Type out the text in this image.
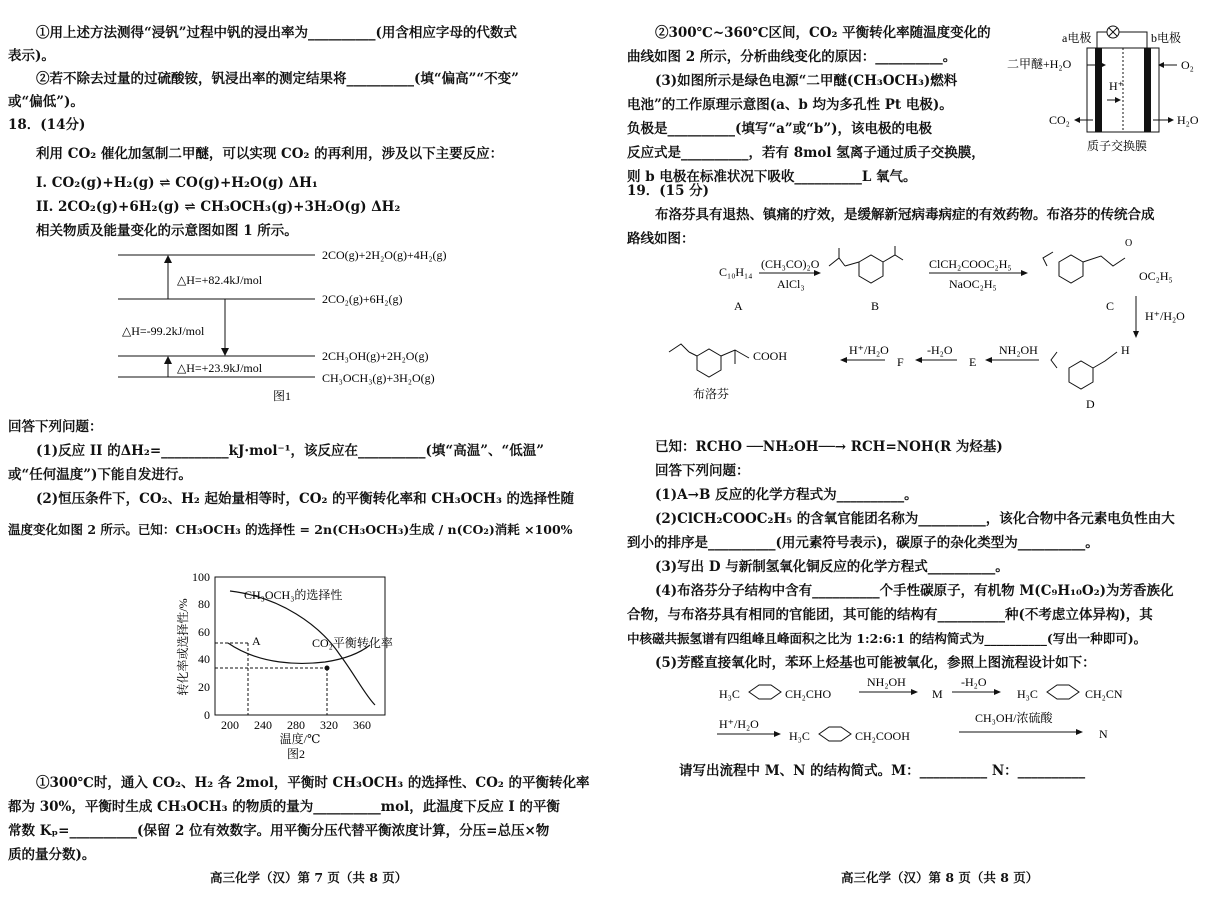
①用上述方法测得“浸钒”过程中钒的浸出率为__________(用含相应字母的代数式
表示)。
②若不除去过量的过硫酸铵，钒浸出率的测定结果将__________(填“偏高”“不变”
或“偏低”)。
18．(14分)
利用 CO₂ 催化加氢制二甲醚，可以实现 CO₂ 的再利用，涉及以下主要反应：
I. CO₂(g)+H₂(g) ⇌ CO(g)+H₂O(g) ΔH₁
II. 2CO₂(g)+6H₂(g) ⇌ CH₃OCH₃(g)+3H₂O(g) ΔH₂
相关物质及能量变化的示意图如图 1 所示。
2CO(g)+2H₂O(g)+4H₂(g)
2CO₂(g)+6H₂(g)
2CH₃OH(g)+2H₂O(g)
CH₃OCH₃(g)+3H₂O(g)
△H=+82.4kJ/mol
△H=-99.2kJ/mol
△H=+23.9kJ/mol
图1
回答下列问题：
(1)反应 II 的ΔH₂=__________kJ·mol⁻¹，该反应在__________(填“高温”、“低温”
或“任何温度”)下能自发进行。
(2)恒压条件下，CO₂、H₂ 起始量相等时，CO₂ 的平衡转化率和 CH₃OCH₃ 的选择性随
温度变化如图 2 所示。已知：CH₃OCH₃ 的选择性 = 2n(CH₃OCH₃)生成 / n(CO₂)消耗 ×100%
100
80
60
40
20
0
200 240 280 320 360
转化率或选择性/%
温度/℃
图2
A
CH₃OCH₃的选择性
CO₂平衡转化率
①300℃时，通入 CO₂、H₂ 各 2mol，平衡时 CH₃OCH₃ 的选择性、CO₂ 的平衡转化率
都为 30%，平衡时生成 CH₃OCH₃ 的物质的量为__________mol，此温度下反应 I 的平衡
常数 Kₚ=__________(保留 2 位有效数字。用平衡分压代替平衡浓度计算，分压=总压×物
质的量分数)。
高三化学（汉）第 7 页（共 8 页）
②300℃~360℃区间，CO₂ 平衡转化率随温度变化的
曲线如图 2 所示，分析曲线变化的原因：__________。
(3)如图所示是绿色电源“二甲醚(CH₃OCH₃)燃料
电池”的工作原理示意图(a、b 均为多孔性 Pt 电极)。
负极是__________(填写“a”或“b”)，该电极的电极
反应式是__________，若有 8mol 氢离子通过质子交换膜，
则 b 电极在标准状况下吸收__________L 氧气。
a电极	b电极
H⁺
二甲醚+H₂O	O₂
CO₂	H₂O
质子交换膜
19．(15 分)
布洛芬具有退热、镇痛的疗效，是缓解新冠病毒病症的有效药物。布洛芬的传统合成
路线如图：
C₁₀H₁₄
A
(CH₃CO)₂O
AlCl₃
B
ClCH₂COOC₂H₅
NaOC₂H₅
O
OC₂H₅
C
H⁺/H₂O
H
D
NH₂OH
E
-H₂O
F
H⁺/H₂O
COOH
布洛芬
已知：RCHO ──NH₂OH──→ RCH=NOH(R 为烃基)
回答下列问题：
(1)A→B 反应的化学方程式为__________。
(2)ClCH₂COOC₂H₅ 的含氧官能团名称为__________，该化合物中各元素电负性由大
到小的排序是__________(用元素符号表示)，碳原子的杂化类型为__________。
(3)写出 D 与新制氢氧化铜反应的化学方程式__________。
(4)布洛芬分子结构中含有__________个手性碳原子，有机物 M(C₉H₁₀O₂)为芳香族化
合物，与布洛芬具有相同的官能团，其可能的结构有__________种(不考虑立体异构)，其
中核磁共振氢谱有四组峰且峰面积之比为 1:2:6:1 的结构简式为__________(写出一种即可)。
(5)芳醛直接氧化时，苯环上烃基也可能被氧化，参照上图流程设计如下：
H₃C	CH₂CHO
NH₂OH
M
-H₂O
H₃C	CH₂CN
H⁺/H₂O
H₃C	CH₂COOH
CH₃OH/浓硫酸
N
请写出流程中 M、N 的结构简式。M：__________ N：__________
高三化学（汉）第 8 页（共 8 页）
